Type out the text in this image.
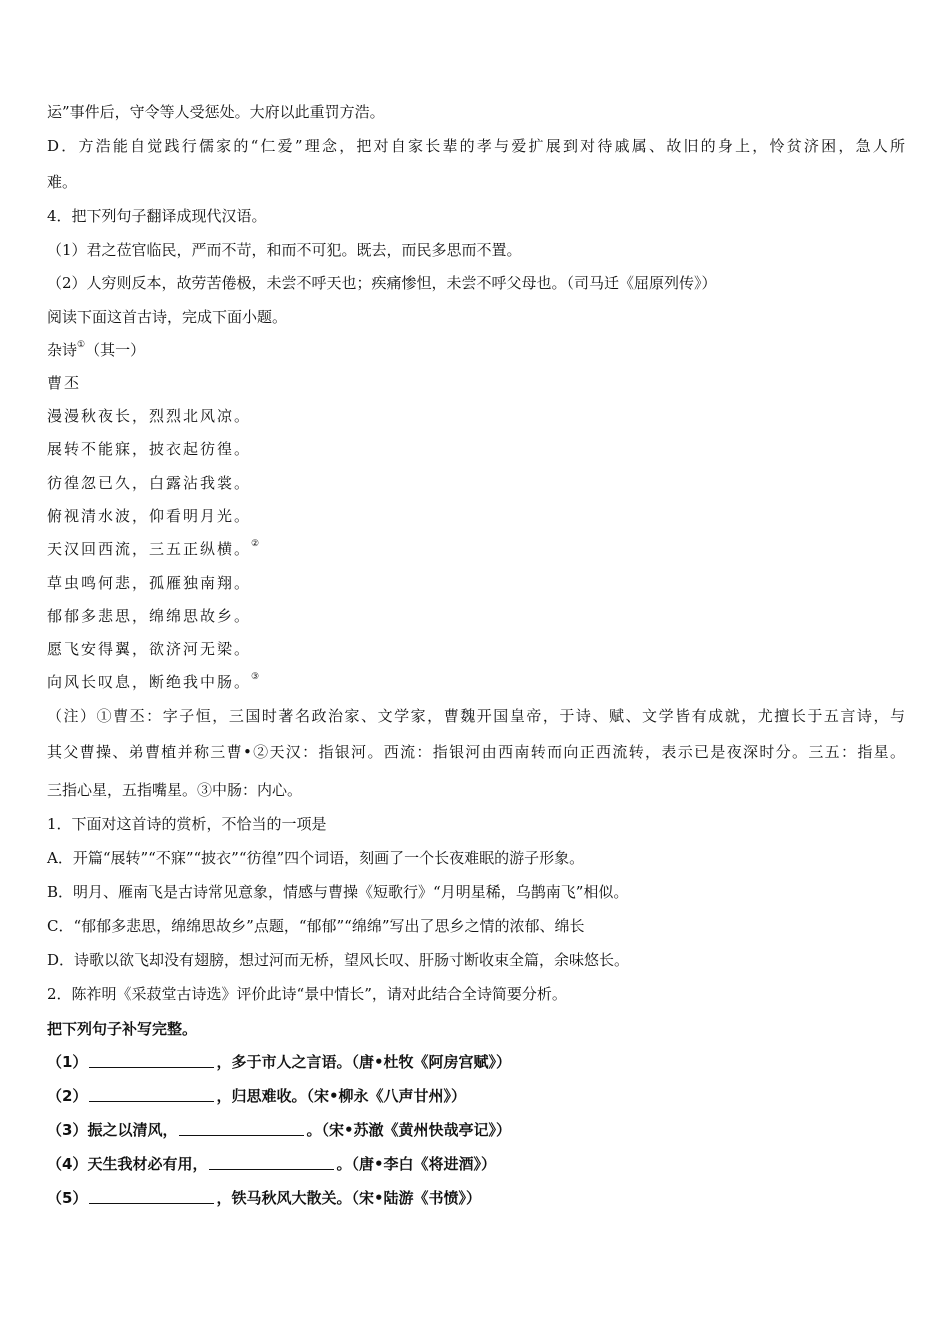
运”事件后，守令等人受惩处。大府以此重罚方浩。
D．方浩能自觉践行儒家的“仁爱”理念，把对自家长辈的孝与爱扩展到对待戚属、故旧的身上，怜贫济困，急人所
难。
4．把下列句子翻译成现代汉语。
（1）君之莅官临民，严而不苛，和而不可犯。既去，而民多思而不置。
（2）人穷则反本，故劳苦倦极，未尝不呼天也；疾痛惨怛，未尝不呼父母也。（司马迁《屈原列传》）
阅读下面这首古诗，完成下面小题。
杂诗①（其一）
曹丕
漫漫秋夜长，烈烈北风凉。
展转不能寐，披衣起彷徨。
彷徨忽已久，白露沾我裳。
俯视清水波，仰看明月光。
天汉回西流，三五正纵横。②
草虫鸣何悲，孤雁独南翔。
郁郁多悲思，绵绵思故乡。
愿飞安得翼，欲济河无梁。
向风长叹息，断绝我中肠。③
（注）①曹丕：字子恒，三国时著名政治家、文学家，曹魏开国皇帝，于诗、赋、文学皆有成就，尤擅长于五言诗，与
其父曹操、弟曹植并称三曹•②天汉：指银河。西流：指银河由西南转而向正西流转，表示已是夜深时分。三五：指星。
三指心星，五指嘴星。③中肠：内心。
1．下面对这首诗的赏析，不恰当的一项是
A．开篇“展转”“不寐”“披衣”“彷徨”四个词语，刻画了一个长夜难眠的游子形象。
B．明月、雁南飞是古诗常见意象，情感与曹操《短歌行》“月明星稀，乌鹊南飞”相似。
C．“郁郁多悲思，绵绵思故乡”点题，“郁郁”“绵绵”写出了思乡之情的浓郁、绵长
D．诗歌以欲飞却没有翅膀，想过河而无桥，望风长叹、肝肠寸断收束全篇，余味悠长。
2．陈祚明《采菽堂古诗选》评价此诗“景中情长”，请对此结合全诗简要分析。
把下列句子补写完整。
（1）	，多于市人之言语。（唐•杜牧《阿房宫赋》）
（2）	，归思难收。（宋•柳永《八声甘州》）
（3）振之以清风，	。（宋•苏澈《黄州快哉亭记》）
（4）天生我材必有用，	。（唐•李白《将进酒》）
（5）	，铁马秋风大散关。（宋•陆游《书愤》）
